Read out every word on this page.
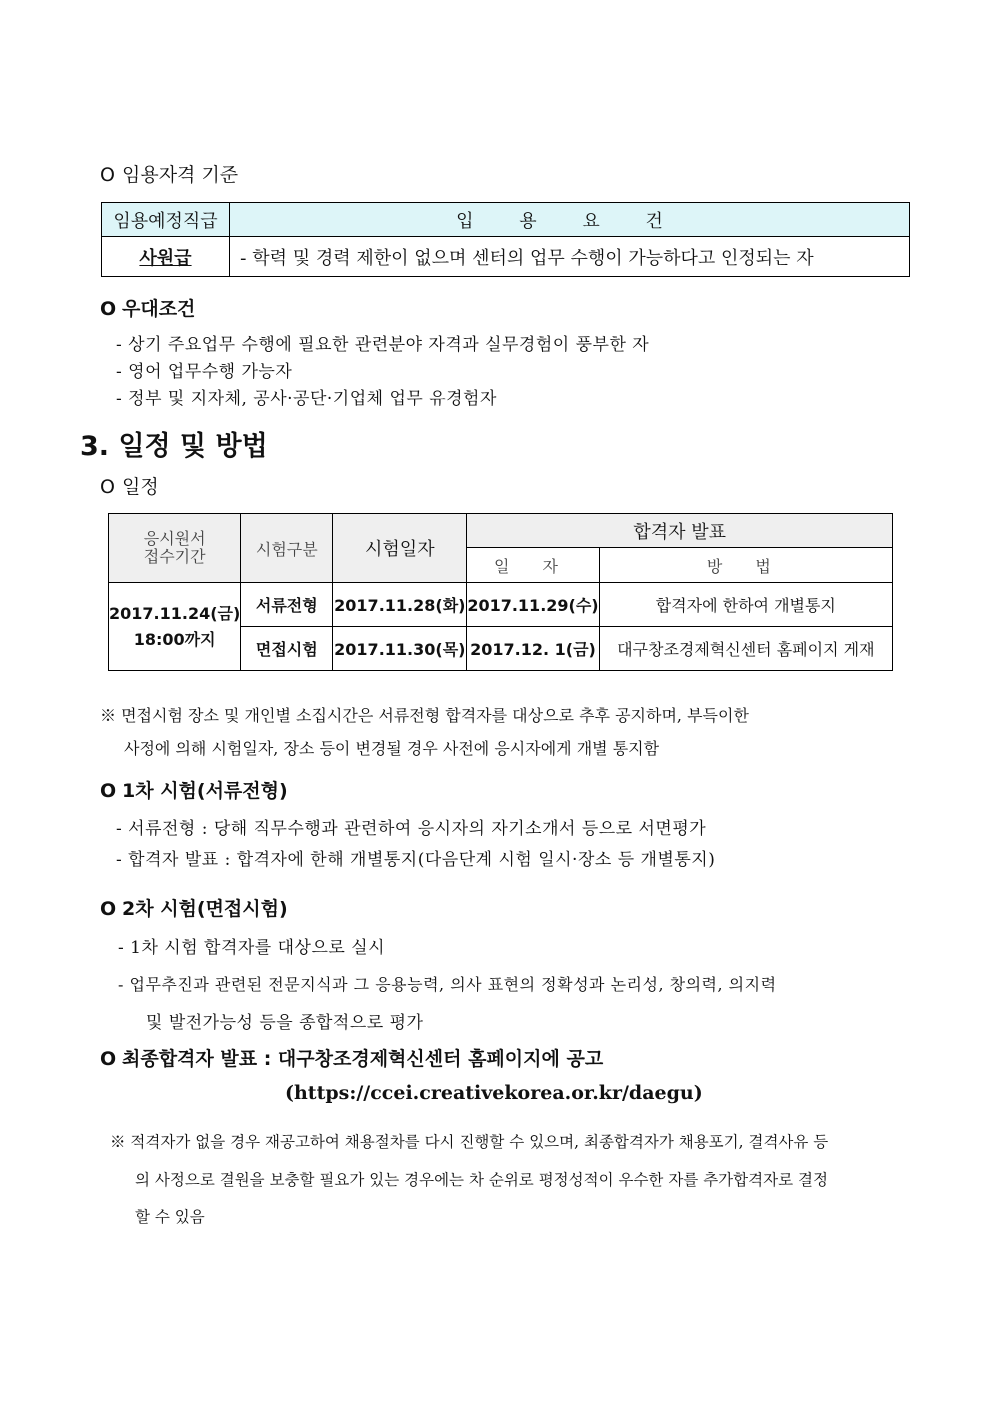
O 임용자격 기준
임용예정직급	입 용 요 건
사원급	- 학력 및 경력 제한이 없으며 센터의 업무 수행이 가능하다고 인정되는 자
O 우대조건
- 상기 주요업무 수행에 필요한 관련분야 자격과 실무경험이 풍부한 자
- 영어 업무수행 가능자
- 정부 및 지자체, 공사·공단·기업체 업무 유경험자
3. 일정 및 방법
O 일정
응시원서
접수기간	시험구분	시험일자	합격자 발표	
			일 자	방 법
2017.11.24(금)
18:00까지	서류전형	2017.11.28(화)	2017.11.29(수)	합격자에 한하여 개별통지
	면접시험	2017.11.30(목)	2017.12. 1(금)	대구창조경제혁신센터 홈페이지 게재
※ 면접시험 장소 및 개인별 소집시간은 서류전형 합격자를 대상으로 추후 공지하며, 부득이한
사정에 의해 시험일자, 장소 등이 변경될 경우 사전에 응시자에게 개별 통지함
O 1차 시험(서류전형)
- 서류전형 : 당해 직무수행과 관련하여 응시자의 자기소개서 등으로 서면평가
- 합격자 발표 : 합격자에 한해 개별통지(다음단계 시험 일시·장소 등 개별통지)
O 2차 시험(면접시험)
- 1차 시험 합격자를 대상으로 실시
- 업무추진과 관련된 전문지식과 그 응용능력, 의사 표현의 정확성과 논리성, 창의력, 의지력
및 발전가능성 등을 종합적으로 평가
O 최종합격자 발표 : 대구창조경제혁신센터 홈페이지에 공고
(https://ccei.creativekorea.or.kr/daegu)
※ 적격자가 없을 경우 재공고하여 채용절차를 다시 진행할 수 있으며, 최종합격자가 채용포기, 결격사유 등
의 사정으로 결원을 보충할 필요가 있는 경우에는 차 순위로 평정성적이 우수한 자를 추가합격자로 결정
할 수 있음
